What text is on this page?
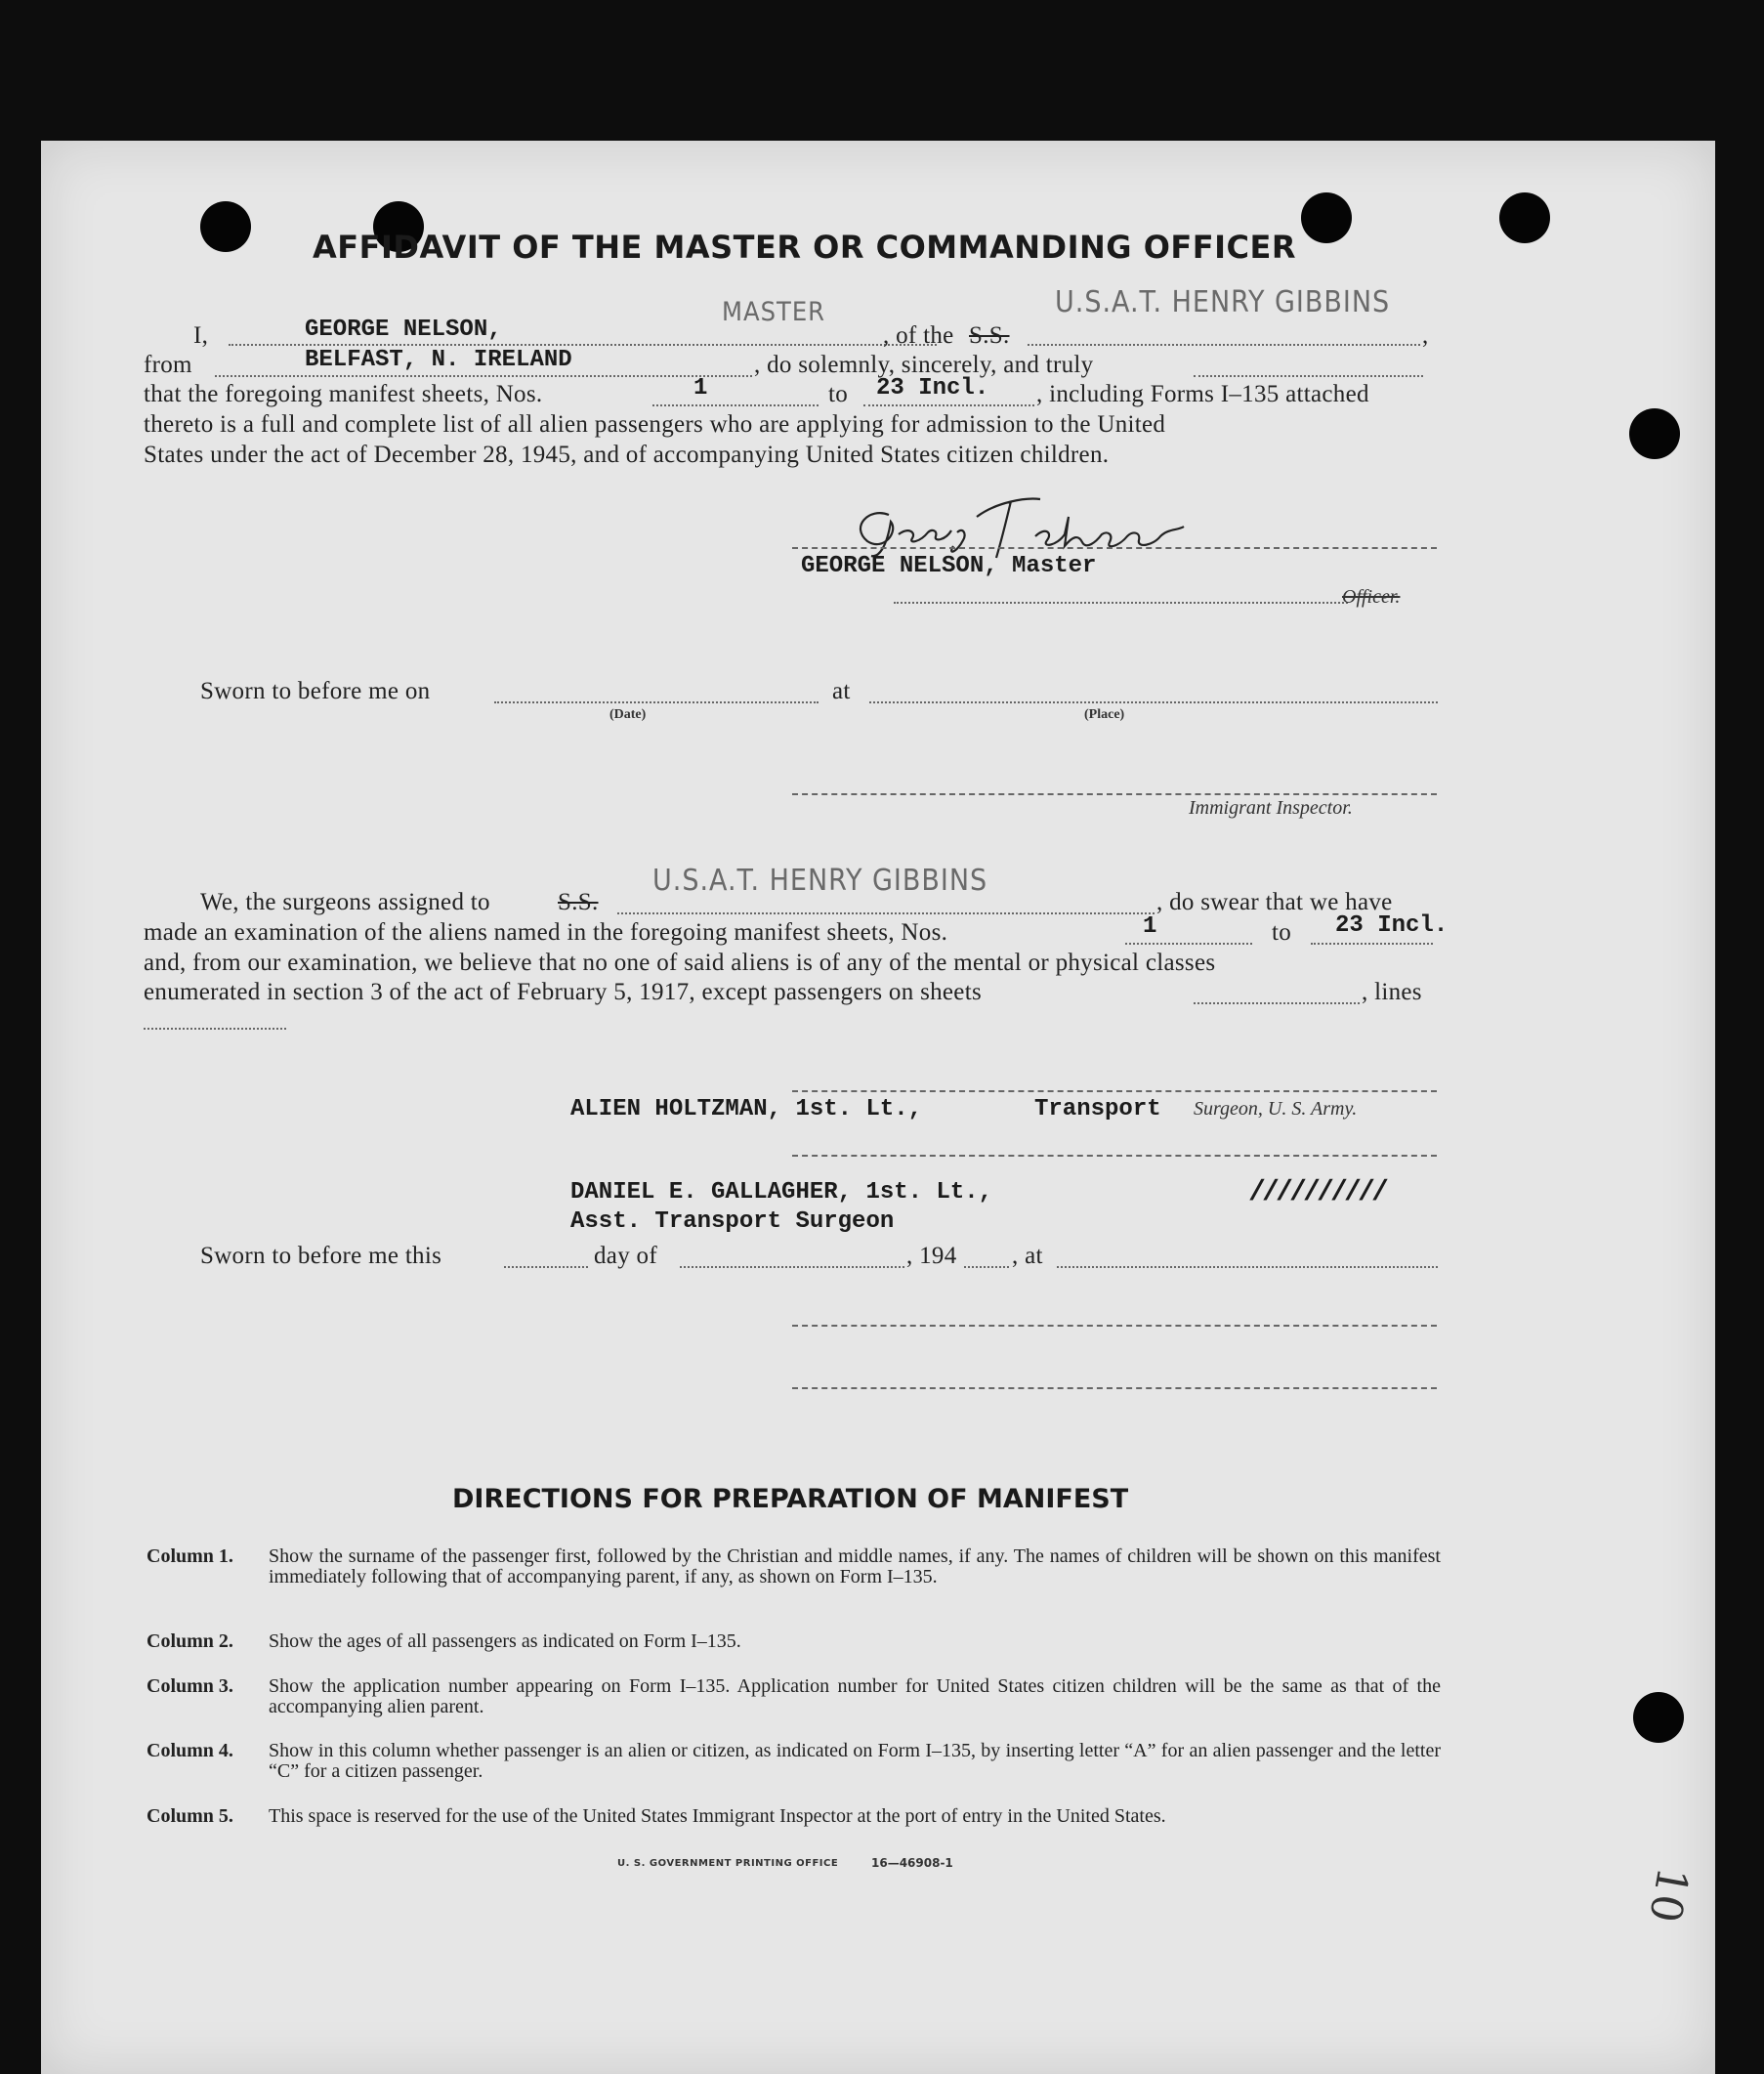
AFFIDAVIT OF THE MASTER OR COMMANDING OFFICER
I,	GEORGE NELSON,
MASTER
, of the S.S.
U.S.A.T. HENRY GIBBINS
,
from	BELFAST, N. IRELAND	, do solemnly, sincerely, and truly
that the foregoing manifest sheets, Nos.	1	to 23 Incl. , including Forms I–135 attached
thereto is a full and complete list of all alien passengers who are applying for admission to the United
States under the act of December 28, 1945, and of accompanying United States citizen children.
GEORGE NELSON, Master
Officer.
Sworn to before me on
(Date)
at
(Place)
Immigrant Inspector.
U.S.A.T. HENRY GIBBINS
We, the surgeons assigned to	S.S.	, do swear that we have
made an examination of the aliens named in the foregoing manifest sheets, Nos.	1	to 23 Incl.
and, from our examination, we believe that no one of said aliens is of any of the mental or physical classes
enumerated in section 3 of the act of February 5, 1917, except passengers on sheets	, lines
ALIEN HOLTZMAN, 1st. Lt.,	Transport Surgeon, U. S. Army.
DANIEL E. GALLAGHER, 1st. Lt.,
Asst. Transport Surgeon
//////////
Sworn to before me this	day of	, 194 , at
DIRECTIONS FOR PREPARATION OF MANIFEST
Column 1. Show the surname of the passenger first, followed by the Christian and middle names, if any. The names of children will be shown on this manifest immediately following that of accompanying parent, if any, as shown on Form I–135.
Column 2. Show the ages of all passengers as indicated on Form I–135.
Column 3. Show the application number appearing on Form I–135. Application number for United States citizen children will be the same as that of the accompanying alien parent.
Column 4. Show in this column whether passenger is an alien or citizen, as indicated on Form I–135, by inserting letter “A” for an alien passenger and the letter “C” for a citizen passenger.
Column 5. This space is reserved for the use of the United States Immigrant Inspector at the port of entry in the United States.
U. S. GOVERNMENT PRINTING OFFICE	16—46908-1
10
